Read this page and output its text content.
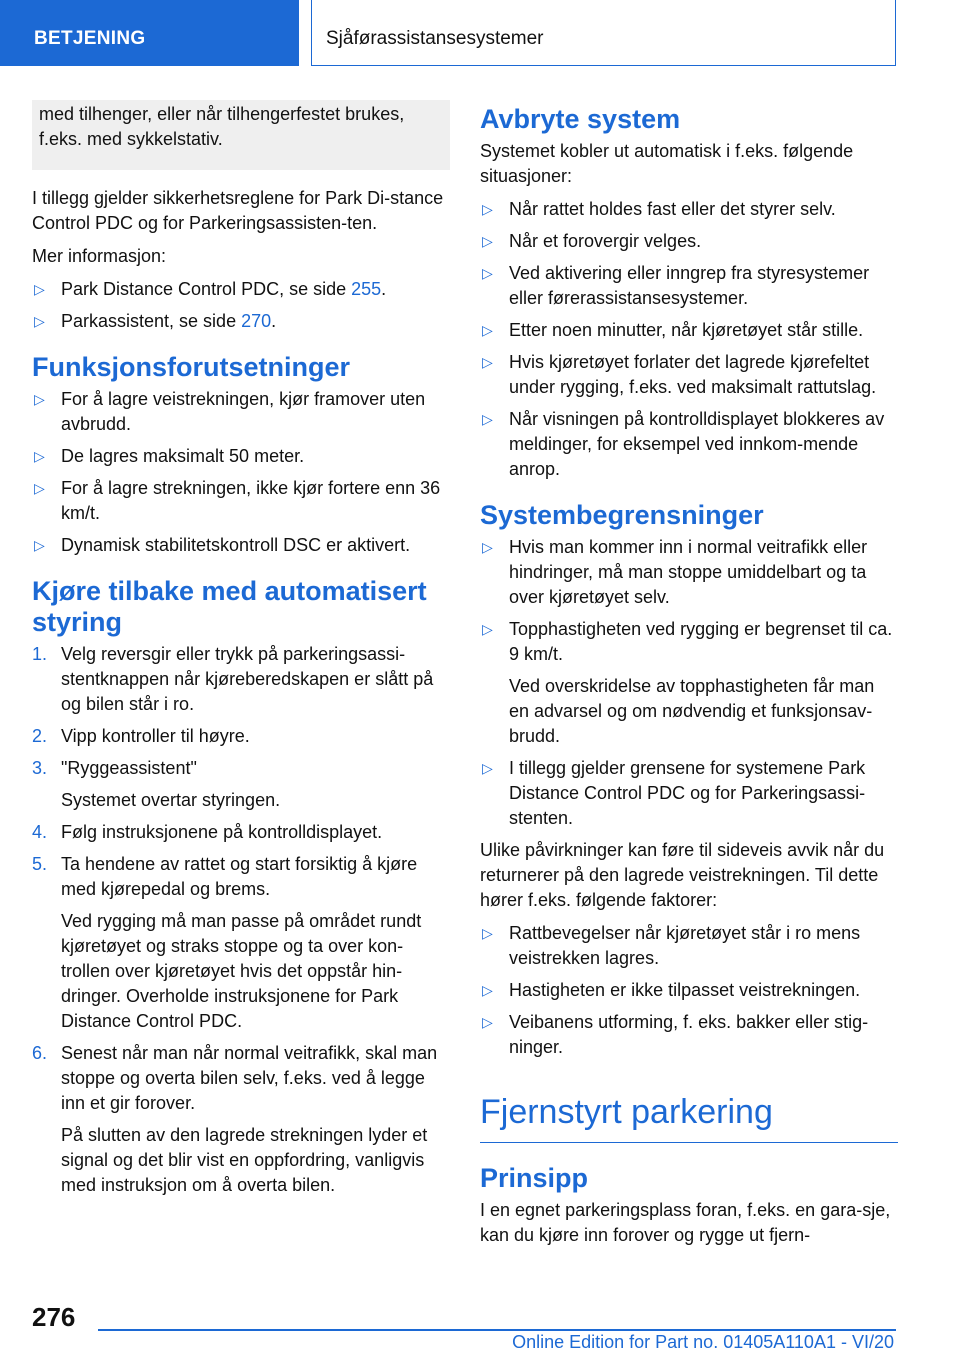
BETJENING	Sjåførassistansesystemer
med tilhenger, eller når tilhengerfestet brukes, f.eks. med sykkelstativ.

I tillegg gjelder sikkerhetsreglene for Park Di-stance Control PDC og for Parkeringsassisten-ten.

Mer informasjon:

▷ Park Distance Control PDC, se side 255.
▷ Parkassistent, se side 270.
Funksjonsforutsetninger
▷ For å lagre veistrekningen, kjør framover uten avbrudd.
▷ De lagres maksimalt 50 meter.
▷ For å lagre strekningen, ikke kjør fortere enn 36 km/t.
▷ Dynamisk stabilitetskontroll DSC er aktivert.
Kjøre tilbake med automatisert styring
1. Velg reversgir eller trykk på parkeringsassi-stentknappen når kjøreberedskapen er slått på og bilen står i ro.
2. Vipp kontroller til høyre.
3. "Ryggeassistent"
Systemet overtar styringen.
4. Følg instruksjonene på kontrolldisplayet.
5. Ta hendene av rattet og start forsiktig å kjøre med kjørepedal og brems.
Ved rygging må man passe på området rundt kjøretøyet og straks stoppe og ta over kon-trollen over kjøretøyet hvis det oppstår hin-dringer. Overholde instruksjonene for Park Distance Control PDC.
6. Senest når man når normal veitrafikk, skal man stoppe og overta bilen selv, f.eks. ved å legge inn et gir forover.
På slutten av den lagrede strekningen lyder et signal og det blir vist en oppfordring, vanligvis med instruksjon om å overta bilen.
Avbryte system

Systemet kobler ut automatisk i f.eks. følgende situasjoner:

▷ Når rattet holdes fast eller det styrer selv.
▷ Når et forovergir velges.
▷ Ved aktivering eller inngrep fra styresystemer eller førerassistansesystemer.
▷ Etter noen minutter, når kjøretøyet står stille.
▷ Hvis kjøretøyet forlater det lagrede kjørefeltet under rygging, f.eks. ved maksimalt rattutslag.
▷ Når visningen på kontrolldisplayet blokkeres av meldinger, for eksempel ved innkom-mende anrop.
Systembegrensninger
▷ Hvis man kommer inn i normal veitrafikk eller hindringer, må man stoppe umiddelbart og ta over kjøretøyet selv.
▷ Topphastigheten ved rygging er begrenset til ca. 9 km/t.
Ved overskridelse av topphastigheten får man en advarsel og om nødvendig et funksjonsav-brudd.
▷ I tillegg gjelder grensene for systemene Park Distance Control PDC og for Parkeringsassi-stenten.

Ulike påvirkninger kan føre til sideveis avvik når du returnerer på den lagrede veistrekningen. Til dette hører f.eks. følgende faktorer:

▷ Rattbevegelser når kjøretøyet står i ro mens veistrekken lagres.
▷ Hastigheten er ikke tilpasset veistrekningen.
▷ Veibanens utforming, f. eks. bakker eller stig-ninger.
Fjernstyrt parkering
Prinsipp

I en egnet parkeringsplass foran, f.eks. en gara-sje, kan du kjøre inn forover og rygge ut fjern-

276
Online Edition for Part no. 01405A110A1 - VI/20
